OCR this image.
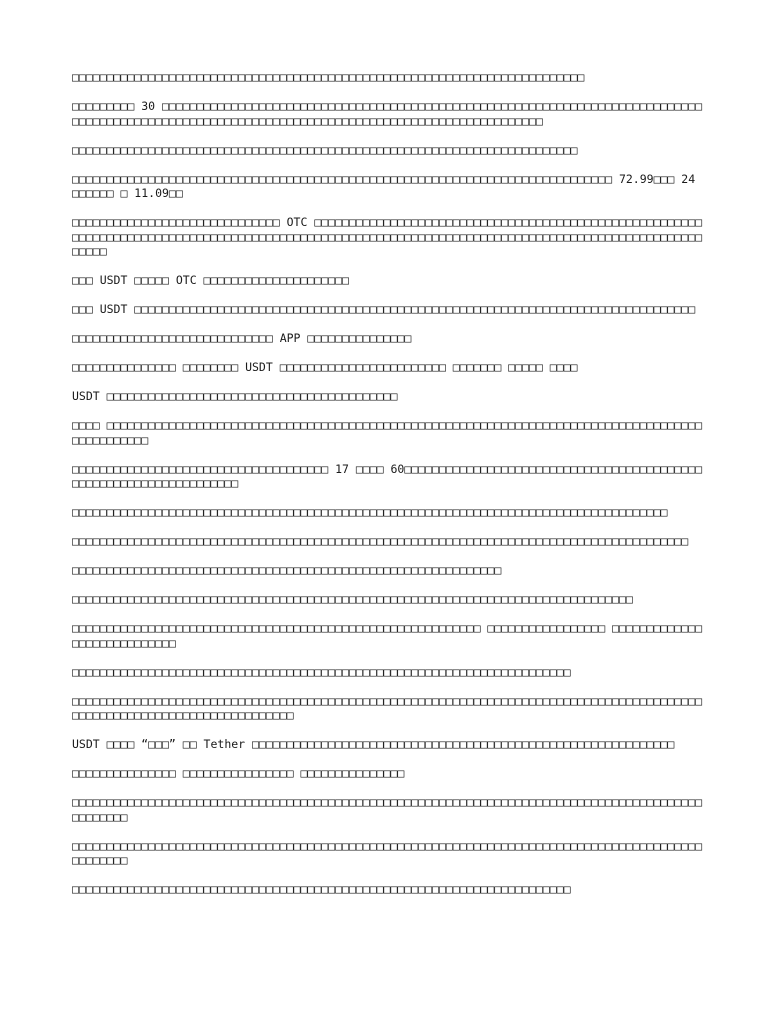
□□□□□□□□□□□□□□□□□□□□□□□□□□□□□□□□□□□□□□□□□□□□□□□□□□□□□□□□□□□□□□□□□□□□□□□□□□

□□□□□□□□□ 30 □□□□□□□□□□□□□□□□□□□□□□□□□□□□□□□□□□□□□□□□□□□□□□□□□□□□□□□□□□□□□□□□□□□□□□□□□□□□□□□□□□□□□□□□□□□□□□□□□□□□□□□□□□□□□□□□□□□□□□□□□□□□□□□□□□□□□□□□□□□□□□□□□□

□□□□□□□□□□□□□□□□□□□□□□□□□□□□□□□□□□□□□□□□□□□□□□□□□□□□□□□□□□□□□□□□□□□□□□□□□

□□□□□□□□□□□□□□□□□□□□□□□□□□□□□□□□□□□□□□□□□□□□□□□□□□□□□□□□□□□□□□□□□□□□□□□□□□□□□□ 72.99□□□ 24 □□□□□□ □ 11.09□□

□□□□□□□□□□□□□□□□□□□□□□□□□□□□□□ OTC □□□□□□□□□□□□□□□□□□□□□□□□□□□□□□□□□□□□□□□□□□□□□□□□□□□□□□□□□□□□□□□□□□□□□□□□□□□□□□□□□□□□□□□□□□□□□□□□□□□□□□□□□□□□□□□□□□□□□□□□□□□□□□□□□□□□□□□□□□□□□□□□□□□□□□□□

□□□ USDT □□□□□ OTC □□□□□□□□□□□□□□□□□□□□□

□□□ USDT □□□□□□□□□□□□□□□□□□□□□□□□□□□□□□□□□□□□□□□□□□□□□□□□□□□□□□□□□□□□□□□□□□□□□□□□□□□□□□□□□

□□□□□□□□□□□□□□□□□□□□□□□□□□□□□ APP □□□□□□□□□□□□□□□

□□□□□□□□□□□□□□□ □□□□□□□□ USDT □□□□□□□□□□□□□□□□□□□□□□□□ □□□□□□□ □□□□□ □□□□

USDT □□□□□□□□□□□□□□□□□□□□□□□□□□□□□□□□□□□□□□□□□□

□□□□ □□□□□□□□□□□□□□□□□□□□□□□□□□□□□□□□□□□□□□□□□□□□□□□□□□□□□□□□□□□□□□□□□□□□□□□□□□□□□□□□□□□□□□□□□□□□□□□□□

□□□□□□□□□□□□□□□□□□□□□□□□□□□□□□□□□□□□□ 17 □□□□ 60□□□□□□□□□□□□□□□□□□□□□□□□□□□□□□□□□□□□□□□□□□□□□□□□□□□□□□□□□□□□□□□□□□□

□□□□□□□□□□□□□□□□□□□□□□□□□□□□□□□□□□□□□□□□□□□□□□□□□□□□□□□□□□□□□□□□□□□□□□□□□□□□□□□□□□□□□□

□□□□□□□□□□□□□□□□□□□□□□□□□□□□□□□□□□□□□□□□□□□□□□□□□□□□□□□□□□□□□□□□□□□□□□□□□□□□□□□□□□□□□□□□□

□□□□□□□□□□□□□□□□□□□□□□□□□□□□□□□□□□□□□□□□□□□□□□□□□□□□□□□□□□□□□□

□□□□□□□□□□□□□□□□□□□□□□□□□□□□□□□□□□□□□□□□□□□□□□□□□□□□□□□□□□□□□□□□□□□□□□□□□□□□□□□□□

□□□□□□□□□□□□□□□□□□□□□□□□□□□□□□□□□□□□□□□□□□□□□□□□□□□□□□□□□□□ □□□□□□□□□□□□□□□□□ □□□□□□□□□□□□□□□□□□□□□□□□□□□□

□□□□□□□□□□□□□□□□□□□□□□□□□□□□□□□□□□□□□□□□□□□□□□□□□□□□□□□□□□□□□□□□□□□□□□□□

□□□□□□□□□□□□□□□□□□□□□□□□□□□□□□□□□□□□□□□□□□□□□□□□□□□□□□□□□□□□□□□□□□□□□□□□□□□□□□□□□□□□□□□□□□□□□□□□□□□□□□□□□□□□□□□□□□□□□□□□□□□

USDT □□□□ “□□□” □□ Tether □□□□□□□□□□□□□□□□□□□□□□□□□□□□□□□□□□□□□□□□□□□□□□□□□□□□□□□□□□□□□

□□□□□□□□□□□□□□□ □□□□□□□□□□□□□□□□ □□□□□□□□□□□□□□□

□□□□□□□□□□□□□□□□□□□□□□□□□□□□□□□□□□□□□□□□□□□□□□□□□□□□□□□□□□□□□□□□□□□□□□□□□□□□□□□□□□□□□□□□□□□□□□□□□□□

□□□□□□□□□□□□□□□□□□□□□□□□□□□□□□□□□□□□□□□□□□□□□□□□□□□□□□□□□□□□□□□□□□□□□□□□□□□□□□□□□□□□□□□□□□□□□□□□□□□

□□□□□□□□□□□□□□□□□□□□□□□□□□□□□□□□□□□□□□□□□□□□□□□□□□□□□□□□□□□□□□□□□□□□□□□□
